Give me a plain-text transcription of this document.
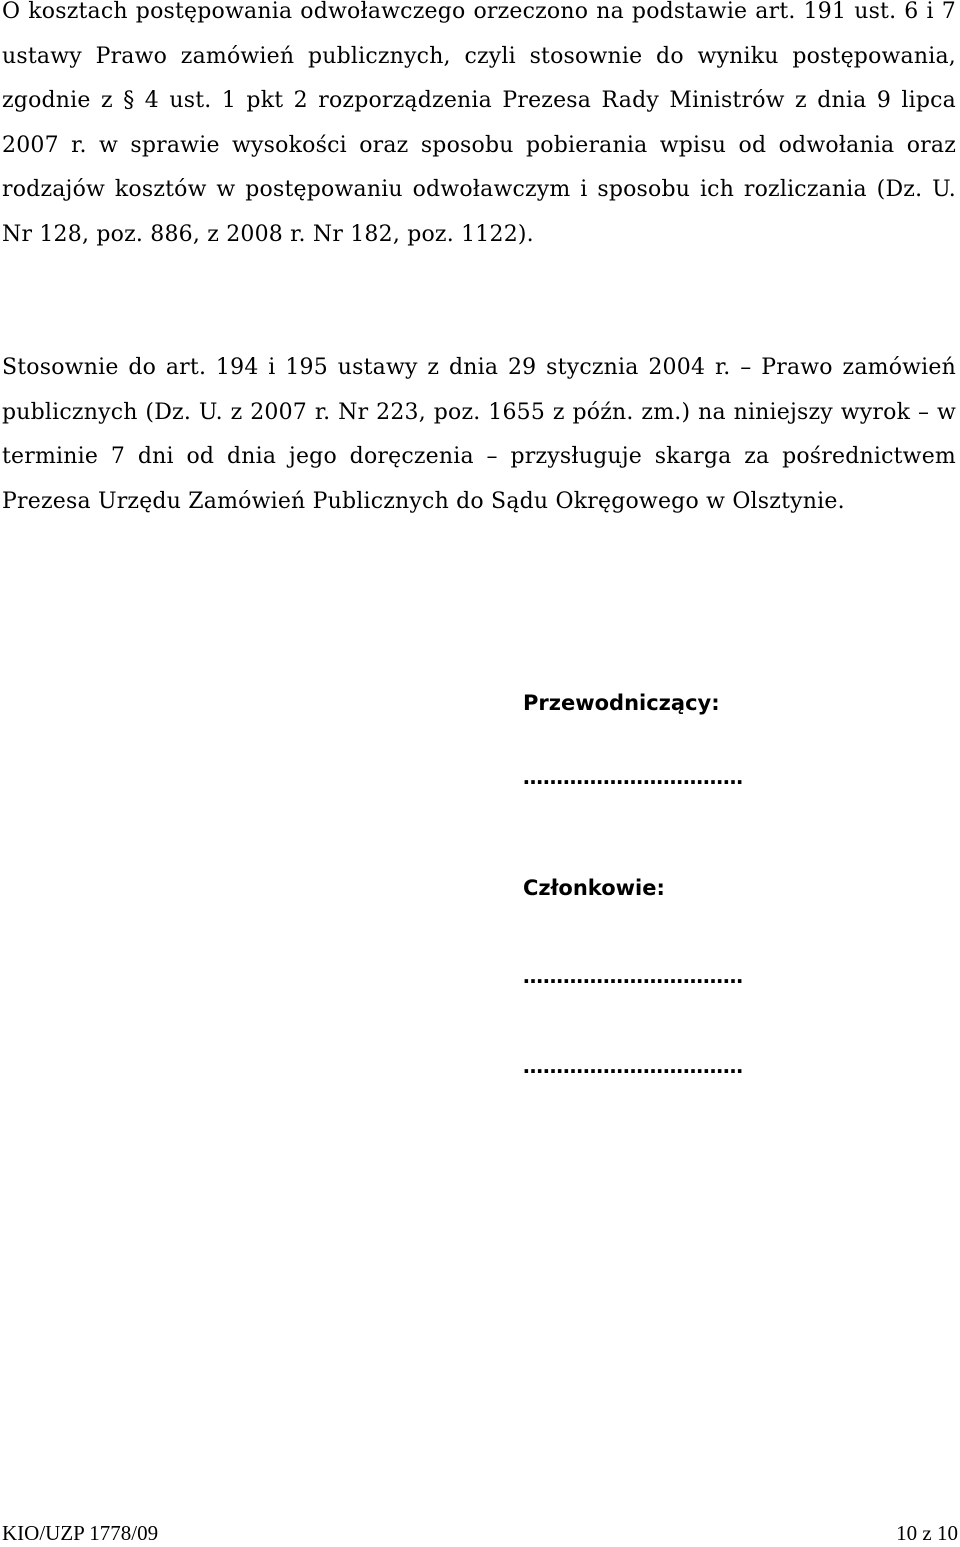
O kosztach postępowania odwoławczego orzeczono na podstawie art. 191 ust. 6 i 7 ustawy Prawo zamówień publicznych, czyli stosownie do wyniku postępowania, zgodnie z § 4 ust. 1 pkt 2 rozporządzenia Prezesa Rady Ministrów z dnia 9 lipca 2007 r. w sprawie wysokości oraz sposobu pobierania wpisu od odwołania oraz rodzajów kosztów w postępowaniu odwoławczym i sposobu ich rozliczania (Dz. U. Nr 128, poz. 886, z 2008 r. Nr 182, poz. 1122).

Stosownie do art. 194 i 195 ustawy z dnia 29 stycznia 2004 r. – Prawo zamówień publicznych (Dz. U. z 2007 r. Nr 223, poz. 1655 z późn. zm.) na niniejszy wyrok – w terminie 7 dni od dnia jego doręczenia – przysługuje skarga za pośrednictwem Prezesa Urzędu Zamówień Publicznych do Sądu Okręgowego w Olsztynie.

Przewodniczący:
……………………………
Członkowie:
……………………………
……………………………
KIO/UZP 1778/09	10 z 10
